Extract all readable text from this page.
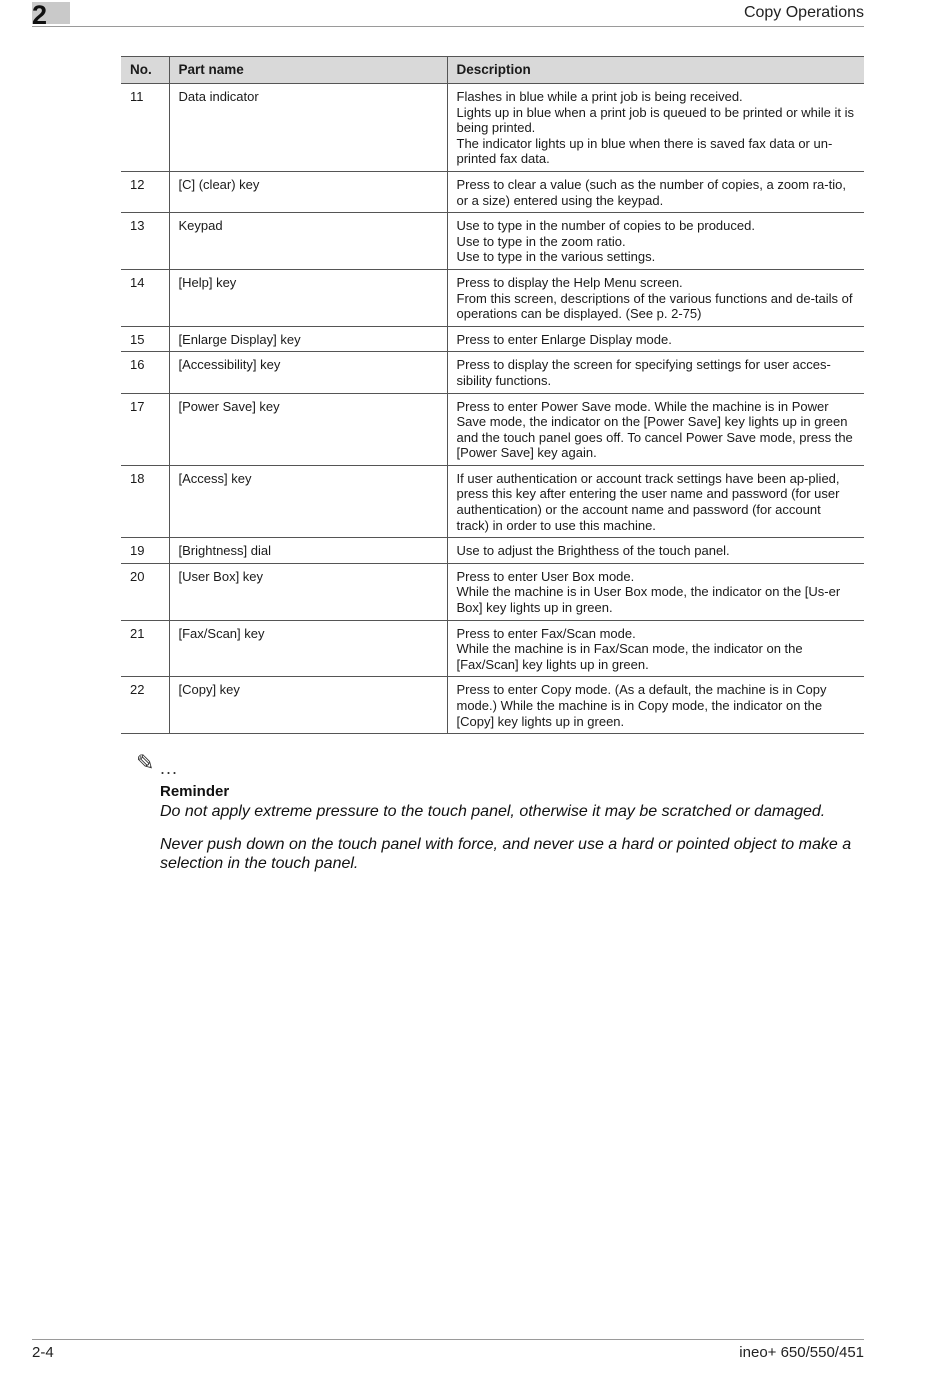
2	Copy Operations
No.	Part name	Description
11	Data indicator	Flashes in blue while a print job is being received.
Lights up in blue when a print job is queued to be printed or while it is being printed.
The indicator lights up in blue when there is saved fax data or un-printed fax data.

12	[C] (clear) key	Press to clear a value (such as the number of copies, a zoom ra-tio, or a size) entered using the keypad.

13	Keypad	Use to type in the number of copies to be produced.
Use to type in the zoom ratio.
Use to type in the various settings.

14	[Help] key	Press to display the Help Menu screen.
From this screen, descriptions of the various functions and de-tails of operations can be displayed. (See p. 2-75)

15	[Enlarge Display] key	Press to enter Enlarge Display mode.

16	[Accessibility] key	Press to display the screen for specifying settings for user acces-sibility functions.

17	[Power Save] key	Press to enter Power Save mode. While the machine is in Power Save mode, the indicator on the [Power Save] key lights up in green and the touch panel goes off. To cancel Power Save mode, press the [Power Save] key again.

18	[Access] key	If user authentication or account track settings have been ap-plied, press this key after entering the user name and password (for user authentication) or the account name and password (for account track) in order to use this machine.

19	[Brightness] dial	Use to adjust the Brighthess of the touch panel.

20	[User Box] key	Press to enter User Box mode.
While the machine is in User Box mode, the indicator on the [Us-er Box] key lights up in green.

21	[Fax/Scan] key	Press to enter Fax/Scan mode.
While the machine is in Fax/Scan mode, the indicator on the [Fax/Scan] key lights up in green.

22	[Copy] key	Press to enter Copy mode. (As a default, the machine is in Copy mode.) While the machine is in Copy mode, the indicator on the [Copy] key lights up in green.
✎ ...
Reminder
Do not apply extreme pressure to the touch panel, otherwise it may be scratched or damaged.
Never push down on the touch panel with force, and never use a hard or pointed object to make a selection in the touch panel.
2-4	ineo+ 650/550/451
